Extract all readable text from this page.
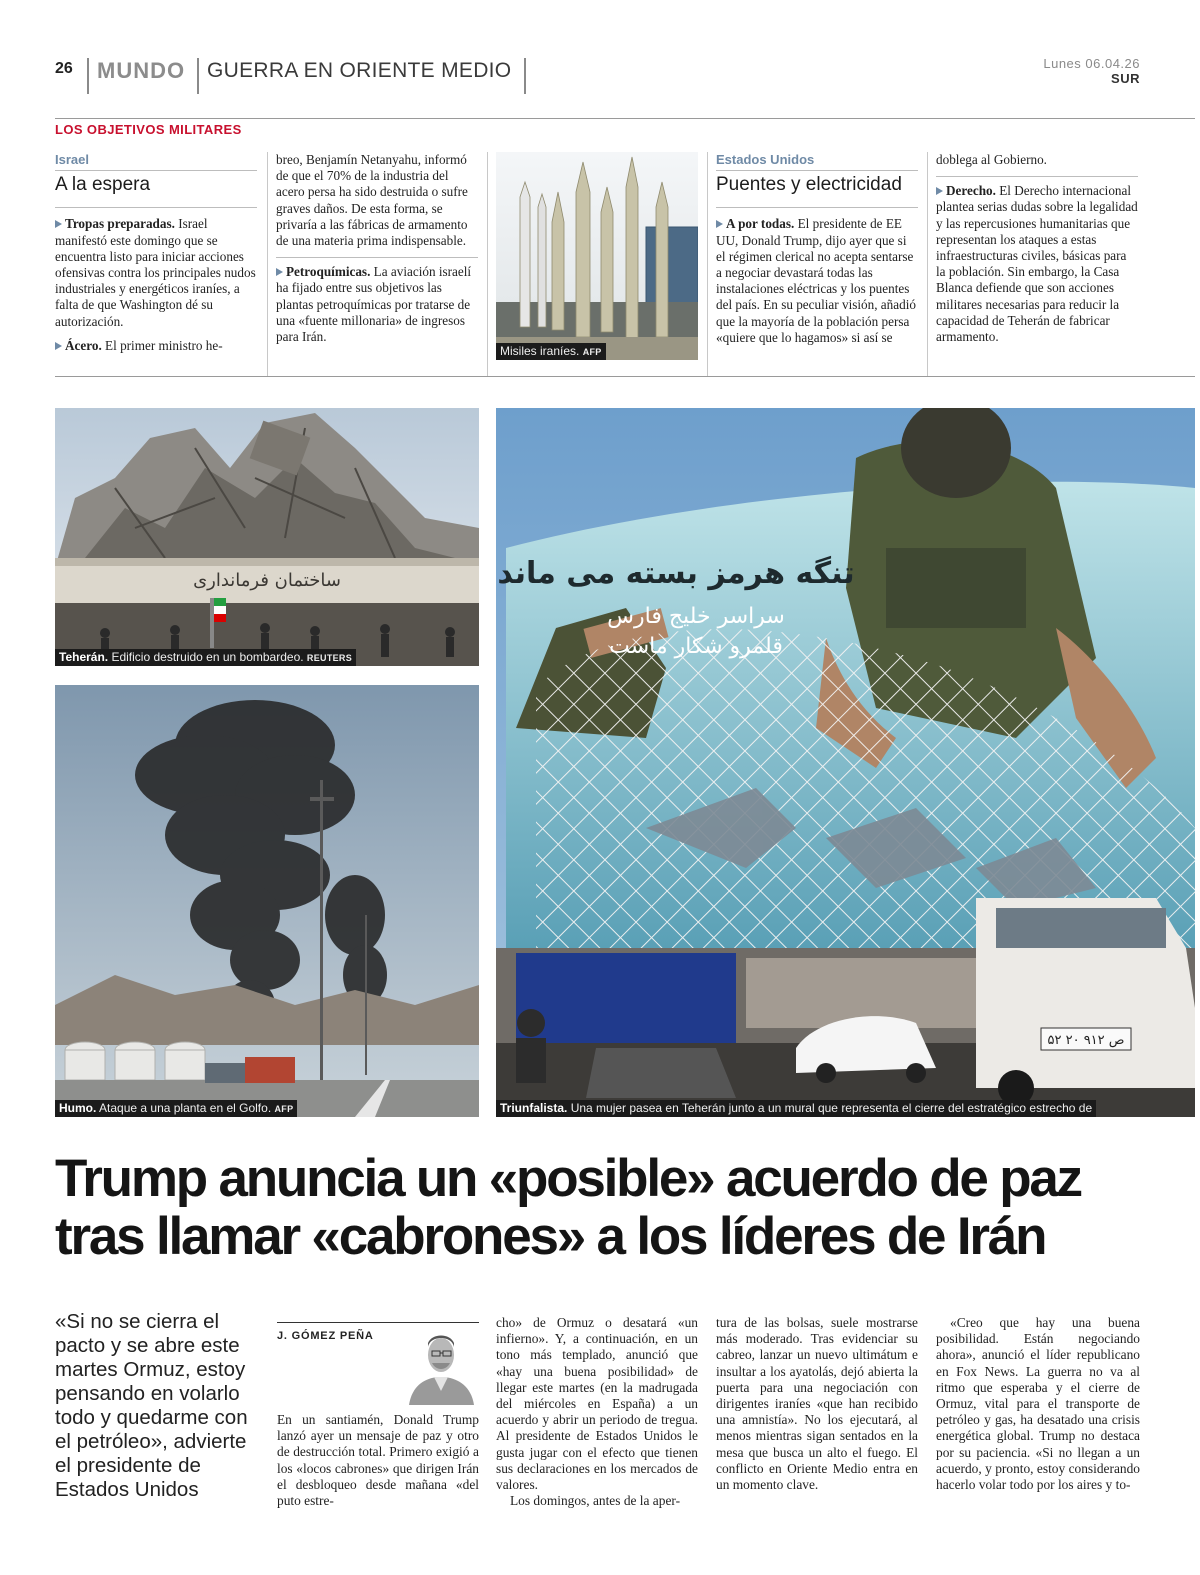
26 MUNDO GUERRA EN ORIENTE MEDIO	Lunes 06.04.26
SUR
LOS OBJETIVOS MILITARES
Israel
A la espera

Tropas preparadas. Israel manifestó este domingo que se encuentra listo para iniciar acciones ofensivas contra los principales nudos industriales y energéticos iraníes, a falta de que Washington dé su autorización.

Ácero. El primer ministro he-

breo, Benjamín Netanyahu, informó de que el 70% de la industria del acero persa ha sido destruida o sufre graves daños. De esta forma, se privaría a las fábricas de armamento de una materia prima indispensable.

Petroquímicas. La aviación israelí ha fijado entre sus objetivos las plantas petroquímicas por tratarse de una «fuente millonaria» de ingresos para Irán.

Misiles iraníes. AFP
Estados Unidos
Puentes y electricidad

A por todas. El presidente de EE UU, Donald Trump, dijo ayer que si el régimen clerical no acepta sentarse a negociar devastará todas las instalaciones eléctricas y los puentes del país. En su peculiar visión, añadió que la mayoría de la población persa «quiere que lo hagamos» si así se

doblega al Gobierno.

Derecho. El Derecho internacional plantea serias dudas sobre la legalidad y las repercusiones humanitarias que representan los ataques a estas infraestructuras civiles, básicas para la población. Sin embargo, la Casa Blanca defiende que son acciones militares necesarias para reducir la capacidad de Teherán de fabricar armamento.

ساختمان فرمانداری
Teherán. Edificio destruido en un bombardeo. REUTERS
Humo. Ataque a una planta en el Golfo. AFP
تنگه هرمز بسته می ماند
سراسر خلیج فارس
قلمرو شکار ماست
۵۲ ص ۹۱۲ ۲۰
Triunfalista. Una mujer pasea en Teherán junto a un mural que representa el cierre del estratégico estrecho de
Trump anuncia un «posible» acuerdo de paz
tras llamar «cabrones» a los líderes de Irán
«Si no se cierra el pacto y se abre este martes Ormuz, estoy pensando en volarlo todo y quedarme con el petróleo», advierte el presidente de Estados Unidos
J. GÓMEZ PEÑA

En un santiamén, Donald Trump lanzó ayer un mensaje de paz y otro de destrucción total. Primero exigió a los «locos cabrones» que dirigen Irán el desbloqueo desde mañana «del puto estre-

cho» de Ormuz o desatará «un infierno». Y, a continuación, en un tono más templado, anunció que «hay una buena posibilidad» de llegar este martes (en la madrugada del miércoles en España) a un acuerdo y abrir un periodo de tregua. Al presidente de Estados Unidos le gusta jugar con el efecto que tienen sus declaraciones en los mercados de valores.

Los domingos, antes de la aper-

tura de las bolsas, suele mostrarse más moderado. Tras evidenciar su cabreo, lanzar un nuevo ultimátum e insultar a los ayatolás, dejó abierta la puerta para una negociación con dirigentes iraníes «que han recibido una amnistía». No los ejecutará, al menos mientras sigan sentados en la mesa que busca un alto el fuego. El conflicto en Oriente Medio entra en un momento clave.

«Creo que hay una buena posibilidad. Están negociando ahora», anunció el líder republicano en Fox News. La guerra no va al ritmo que esperaba y el cierre de Ormuz, vital para el transporte de petróleo y gas, ha desatado una crisis energética global. Trump no destaca por su paciencia. «Si no llegan a un acuerdo, y pronto, estoy considerando hacerlo volar todo por los aires y to-
